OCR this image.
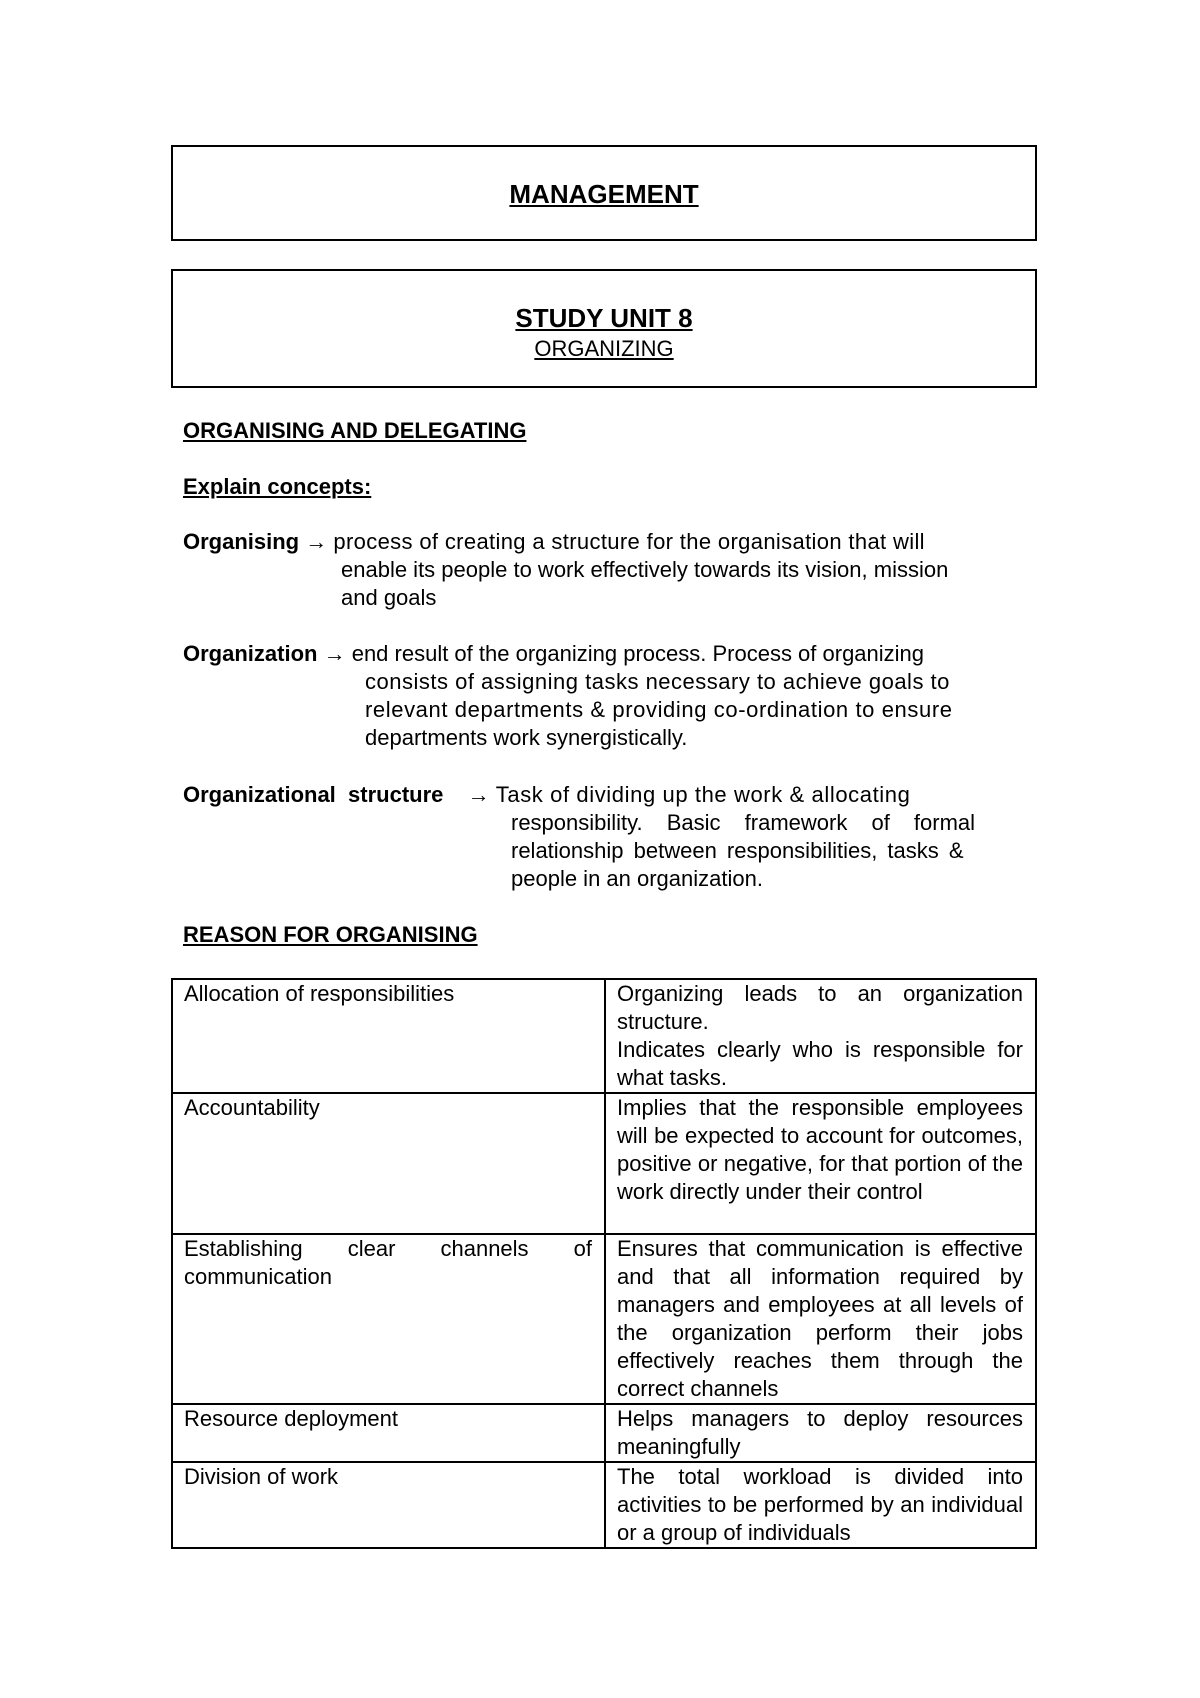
MANAGEMENT
STUDY UNIT 8
ORGANIZING
ORGANISING AND DELEGATING
Explain concepts:
Organising → process of creating a structure for the organisation that will
enable its people to work effectively towards its vision, mission
and goals
Organization → end result of the organizing process. Process of organizing
consists of assigning tasks necessary to achieve goals to
relevant departments & providing co-ordination to ensure
departments work synergistically.
Organizational  structure → Task of dividing up the work & allocating
responsibility. Basic framework of formal
relationship between responsibilities, tasks &
people in an organization.
REASON FOR ORGANISING
Allocation of responsibilities	Organizing leads to an organization structure.
Indicates clearly who is responsible for what tasks.

Accountability	Implies that the responsible employees will be expected to account for outcomes, positive or negative, for that portion of the work directly under their control

Establishing clear channels of communication	Ensures that communication is effective and that all information required by managers and employees at all levels of the organization perform their jobs effectively reaches them through the correct channels

Resource deployment	Helps managers to deploy resources meaningfully

Division of work	The total workload is divided into activities to be performed by an individual or a group of individuals
